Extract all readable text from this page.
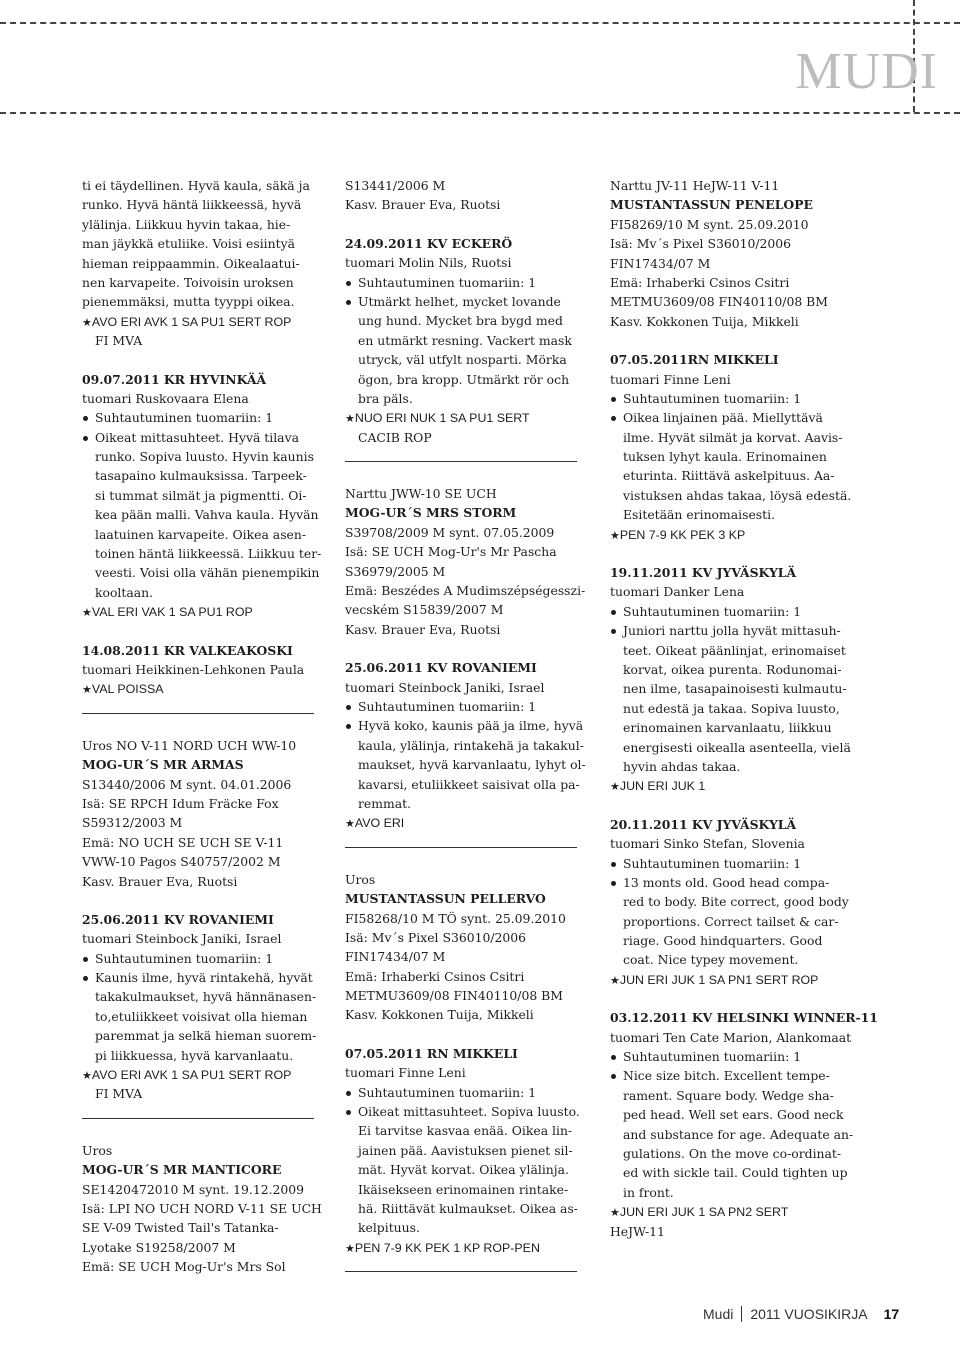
MUDI
ti ei täydellinen. Hyvä kaula, säkä ja
runko. Hyvä häntä liikkeessä, hyvä
ylälinja. Liikkuu hyvin takaa, hie-
man jäykkä etuliike. Voisi esiintyä
hieman reippaammin. Oikealaatui-
nen karvapeite. Toivoisin uroksen
pienemmäksi, mutta tyyppi oikea.
★AVO ERI AVK 1 SA PU1 SERT ROP
FI MVA
09.07.2011 KR HYVINKÄÄ
tuomari Ruskovaara Elena
Suhtautuminen tuomariin: 1
Oikeat mittasuhteet. Hyvä tilava
runko. Sopiva luusto. Hyvin kaunis
tasapaino kulmauksissa. Tarpeek-
si tummat silmät ja pigmentti. Oi-
kea pään malli. Vahva kaula. Hyvän
laatuinen karvapeite. Oikea asen-
toinen häntä liikkeessä. Liikkuu ter-
veesti. Voisi olla vähän pienempikin
kooltaan.
★VAL ERI VAK 1 SA PU1 ROP
14.08.2011 KR VALKEAKOSKI
tuomari Heikkinen-Lehkonen Paula
★VAL POISSA
Uros NO V-11 NORD UCH WW-10
MOG-UR´S MR ARMAS
S13440/2006 M synt. 04.01.2006
Isä: SE RPCH Idum Fräcke Fox
S59312/2003 M
Emä: NO UCH SE UCH SE V-11
VWW-10 Pagos S40757/2002 M
Kasv. Brauer Eva, Ruotsi
25.06.2011 KV ROVANIEMI
tuomari Steinbock Janiki, Israel
Suhtautuminen tuomariin: 1
Kaunis ilme, hyvä rintakehä, hyvät
takakulmaukset, hyvä hännänasen-
to,etuliikkeet voisivat olla hieman
paremmat ja selkä hieman suorem-
pi liikkuessa, hyvä karvanlaatu.
★AVO ERI AVK 1 SA PU1 SERT ROP
FI MVA
Uros
MOG-UR´S MR MANTICORE
SE1420472010 M synt. 19.12.2009
Isä: LPI NO UCH NORD V-11 SE UCH
SE V-09 Twisted Tail's Tatanka-
Lyotake S19258/2007 M
Emä: SE UCH Mog-Ur's Mrs Sol
S13441/2006 M
Kasv. Brauer Eva, Ruotsi
24.09.2011 KV ECKERÖ
tuomari Molin Nils, Ruotsi
Suhtautuminen tuomariin: 1
Utmärkt helhet, mycket lovande
ung hund. Mycket bra bygd med
en utmärkt resning. Vackert mask
utryck, väl utfylt nosparti. Mörka
ögon, bra kropp. Utmärkt rör och
bra päls.
★NUO ERI NUK 1 SA PU1 SERT
CACIB ROP
Narttu JWW-10 SE UCH
MOG-UR´S MRS STORM
S39708/2009 M synt. 07.05.2009
Isä: SE UCH Mog-Ur's Mr Pascha
S36979/2005 M
Emä: Beszédes A Mudimszépségesszi-
vecském S15839/2007 M
Kasv. Brauer Eva, Ruotsi
25.06.2011 KV ROVANIEMI
tuomari Steinbock Janiki, Israel
Suhtautuminen tuomariin: 1
Hyvä koko, kaunis pää ja ilme, hyvä
kaula, ylälinja, rintakehä ja takakul-
maukset, hyvä karvanlaatu, lyhyt ol-
kavarsi, etuliikkeet saisivat olla pa-
remmat.
★AVO ERI
Uros
MUSTANTASSUN PELLERVO
FI58268/10 M TÖ synt. 25.09.2010
Isä: Mv´s Pixel S36010/2006
FIN17434/07 M
Emä: Irhaberki Csinos Csitri
METMU3609/08 FIN40110/08 BM
Kasv. Kokkonen Tuija, Mikkeli
07.05.2011 RN MIKKELI
tuomari Finne Leni
Suhtautuminen tuomariin: 1
Oikeat mittasuhteet. Sopiva luusto.
Ei tarvitse kasvaa enää. Oikea lin-
jainen pää. Aavistuksen pienet sil-
mät. Hyvät korvat. Oikea ylälinja.
Ikäisekseen erinomainen rintake-
hä. Riittävät kulmaukset. Oikea as-
kelpituus.
★PEN 7-9 KK PEK 1 KP ROP-PEN
Narttu JV-11 HeJW-11 V-11
MUSTANTASSUN PENELOPE
FI58269/10 M synt. 25.09.2010
Isä: Mv´s Pixel S36010/2006
FIN17434/07 M
Emä: Irhaberki Csinos Csitri
METMU3609/08 FIN40110/08 BM
Kasv. Kokkonen Tuija, Mikkeli
07.05.2011RN MIKKELI
tuomari Finne Leni
Suhtautuminen tuomariin: 1
Oikea linjainen pää. Miellyttävä
ilme. Hyvät silmät ja korvat. Aavis-
tuksen lyhyt kaula. Erinomainen
eturinta. Riittävä askelpituus. Aa-
vistuksen ahdas takaa, löysä edestä.
Esitetään erinomaisesti.
★PEN 7-9 KK PEK 3 KP
19.11.2011 KV JYVÄSKYLÄ
tuomari Danker Lena
Suhtautuminen tuomariin: 1
Juniori narttu jolla hyvät mittasuh-
teet. Oikeat päänlinjat, erinomaiset
korvat, oikea purenta. Rodunomai-
nen ilme, tasapainoisesti kulmautu-
nut edestä ja takaa. Sopiva luusto,
erinomainen karvanlaatu, liikkuu
energisesti oikealla asenteella, vielä
hyvin ahdas takaa.
★JUN ERI JUK 1
20.11.2011 KV JYVÄSKYLÄ
tuomari Sinko Stefan, Slovenia
Suhtautuminen tuomariin: 1
13 monts old. Good head compa-
red to body. Bite correct, good body
proportions. Correct tailset & car-
riage. Good hindquarters. Good
coat. Nice typey movement.
★JUN ERI JUK 1 SA PN1 SERT ROP
03.12.2011 KV HELSINKI WINNER-11
tuomari Ten Cate Marion, Alankomaat
Suhtautuminen tuomariin: 1
Nice size bitch. Excellent tempe-
rament. Square body. Wedge sha-
ped head. Well set ears. Good neck
and substance for age. Adequate an-
gulations. On the move co-ordinat-
ed with sickle tail. Could tighten up
in front.
★JUN ERI JUK 1 SA PN2 SERT
HeJW-11
Mudi 2011 VUOSIKIRJA 17
